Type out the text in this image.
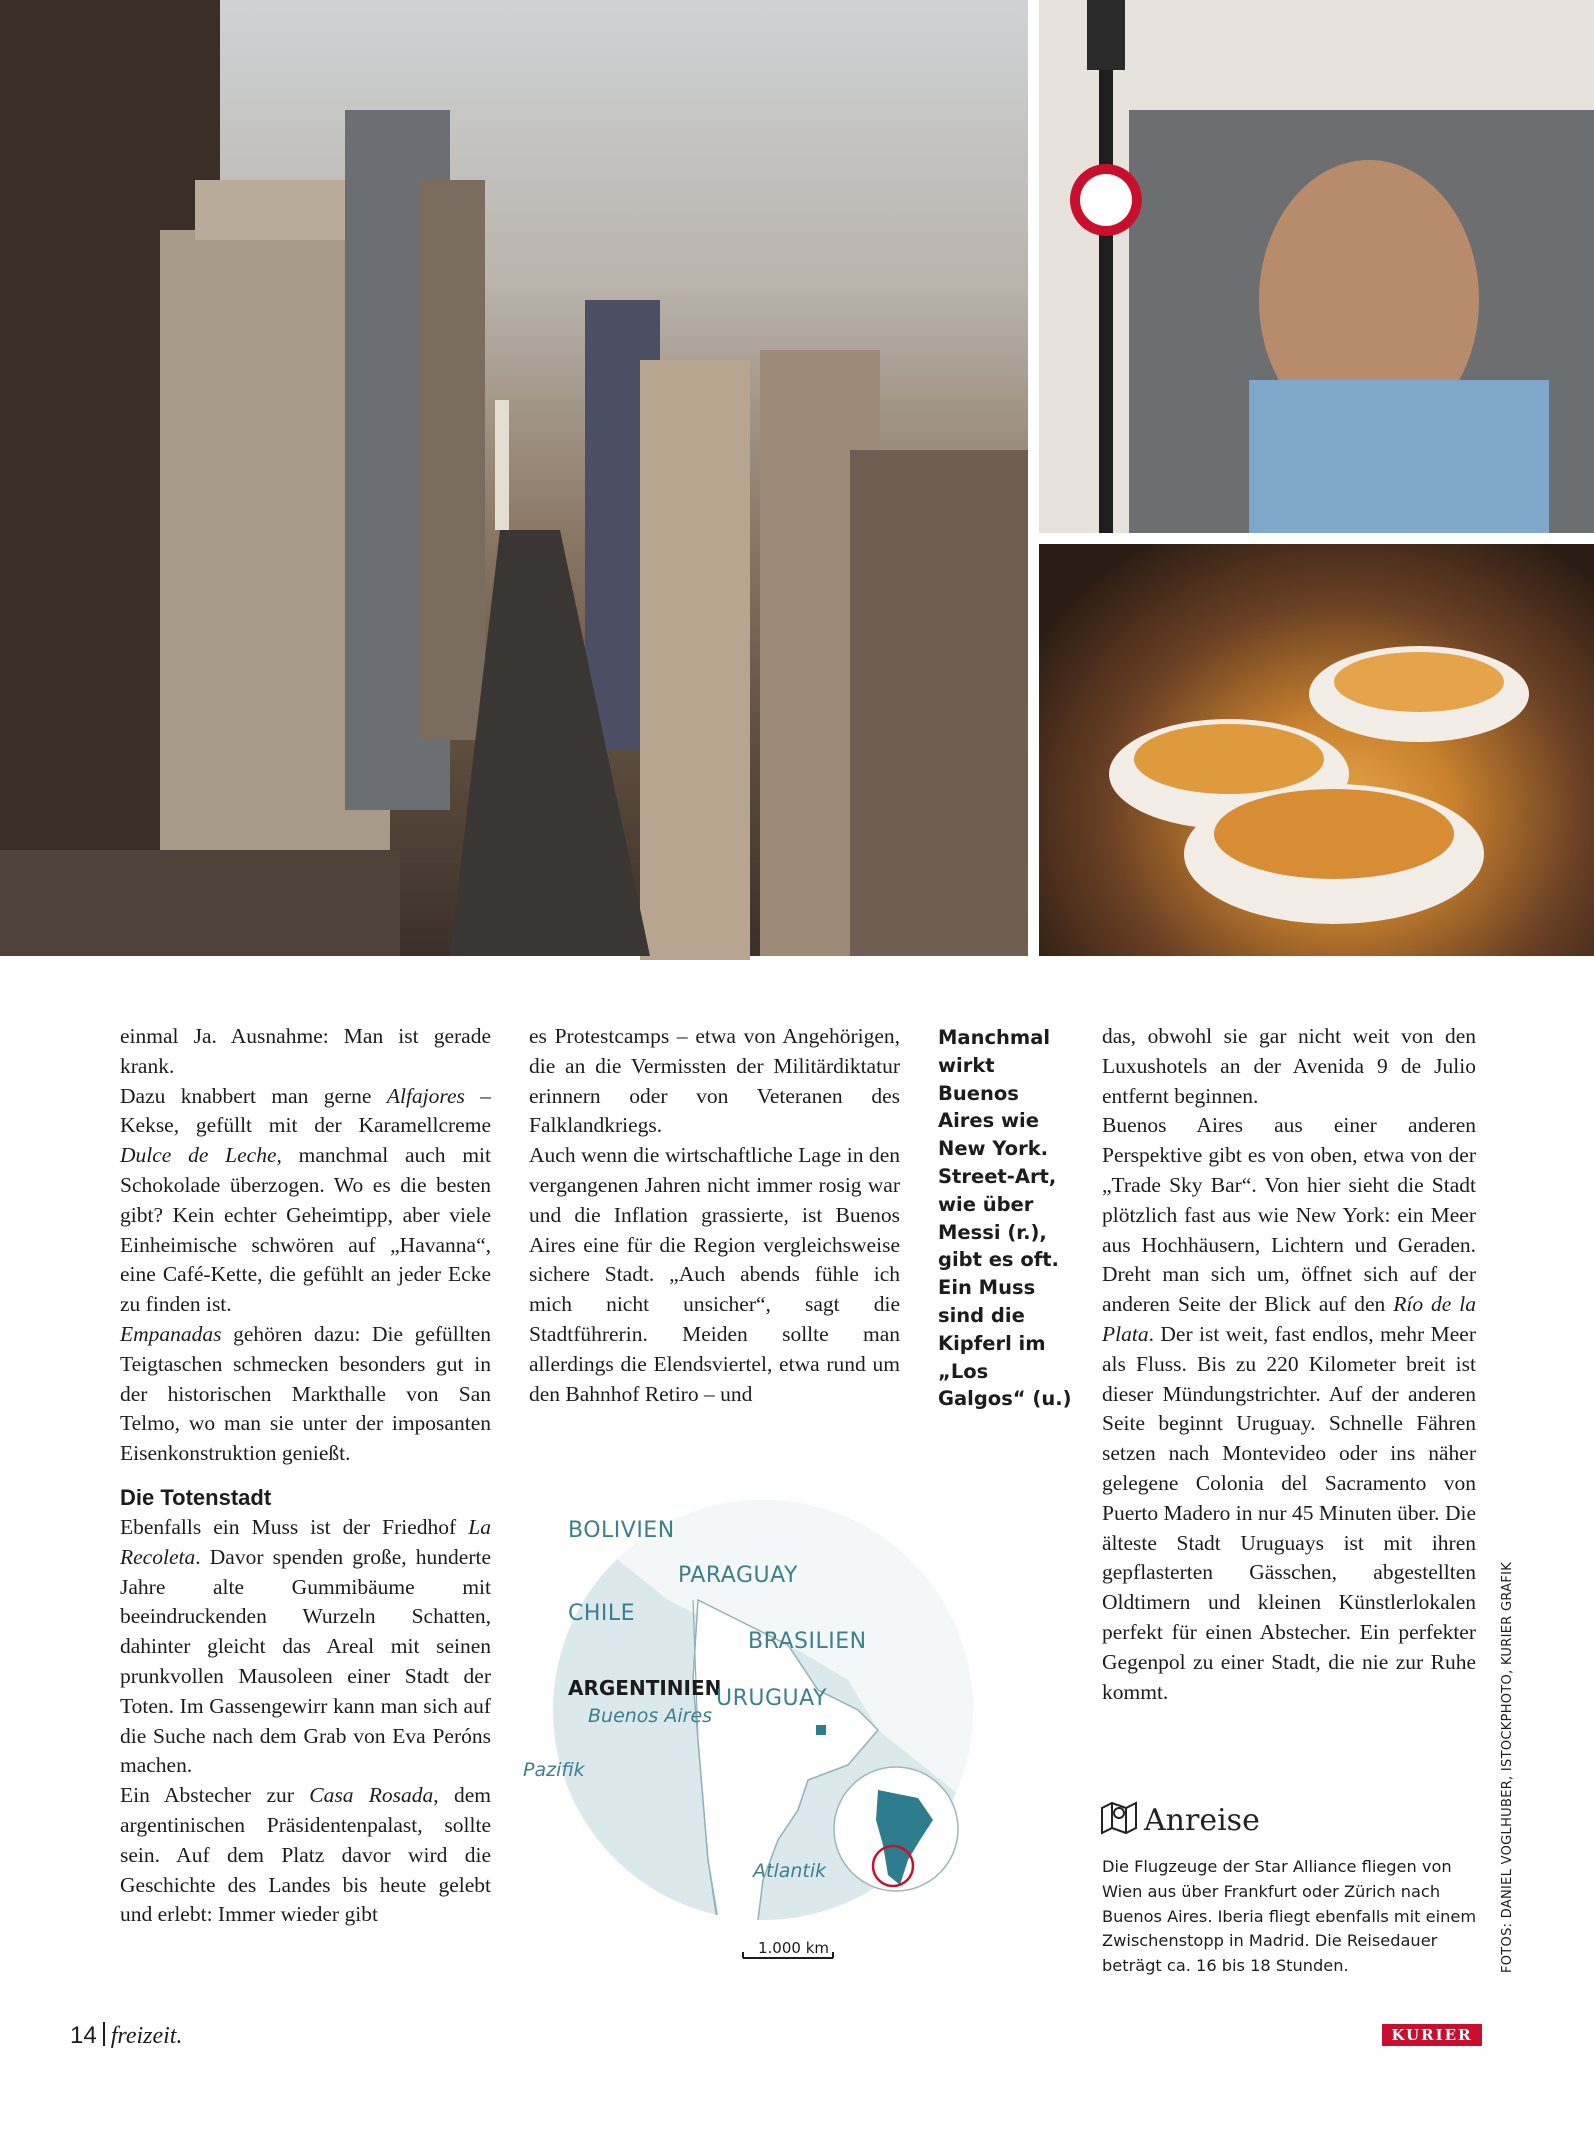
einmal Ja. Ausnahme: Man ist gerade krank.

Dazu knabbert man gerne Alfajores – Kekse, gefüllt mit der Karamellcreme Dulce de Leche, manchmal auch mit Schokolade überzogen. Wo es die besten gibt? Kein echter Geheimtipp, aber viele Einheimische schwören auf „Havanna“, eine Café-Kette, die gefühlt an jeder Ecke zu finden ist.

Empanadas gehören dazu: Die gefüllten Teigtaschen schmecken besonders gut in der historischen Markthalle von San Telmo, wo man sie unter der imposanten Eisenkonstruktion genießt.

Die Totenstadt

Ebenfalls ein Muss ist der Friedhof La Recoleta. Davor spenden große, hunderte Jahre alte Gummibäume mit beeindruckenden Wurzeln Schatten, dahinter gleicht das Areal mit seinen prunkvollen Mausoleen einer Stadt der Toten. Im Gassengewirr kann man sich auf die Suche nach dem Grab von Eva Peróns machen.

Ein Abstecher zur Casa Rosada, dem argentinischen Präsidentenpalast, sollte sein. Auf dem Platz davor wird die Geschichte des Landes bis heute gelebt und erlebt: Immer wieder gibt

es Protestcamps – etwa von Angehörigen, die an die Vermissten der Militärdiktatur erinnern oder von Veteranen des Falklandkriegs.

Auch wenn die wirtschaftliche Lage in den vergangenen Jahren nicht immer rosig war und die Inflation grassierte, ist Buenos Aires eine für die Region vergleichsweise sichere Stadt. „Auch abends fühle ich mich nicht unsicher“, sagt die Stadtführerin. Meiden sollte man allerdings die Elendsviertel, etwa rund um den Bahnhof Retiro – und

Manchmal wirkt Buenos Aires wie New York. Street-Art, wie über Messi (r.), gibt es oft. Ein Muss sind die Kipferl im „Los Galgos“ (u.)
BOLIVIEN
PARAGUAY
CHILE
BRASILIEN
ARGENTINIEN
URUGUAY
Buenos Aires
Pazifik
Atlantik
1.000 km

das, obwohl sie gar nicht weit von den Luxushotels an der Avenida 9 de Julio entfernt beginnen.

Buenos Aires aus einer anderen Perspektive gibt es von oben, etwa von der „Trade Sky Bar“. Von hier sieht die Stadt plötzlich fast aus wie New York: ein Meer aus Hochhäusern, Lichtern und Geraden. Dreht man sich um, öffnet sich auf der anderen Seite der Blick auf den Río de la Plata. Der ist weit, fast endlos, mehr Meer als Fluss. Bis zu 220 Kilometer breit ist dieser Mündungstrichter. Auf der anderen Seite beginnt Uruguay. Schnelle Fähren setzen nach Montevideo oder ins näher gelegene Colonia del Sacramento von Puerto Madero in nur 45 Minuten über. Die älteste Stadt Uruguays ist mit ihren gepflasterten Gässchen, abgestellten Oldtimern und kleinen Künstlerlokalen perfekt für einen Abstecher. Ein perfekter Gegenpol zu einer Stadt, die nie zur Ruhe kommt.

Anreise
Die Flugzeuge der Star Alliance fliegen von Wien aus über Frankfurt oder Zürich nach Buenos Aires. Iberia fliegt ebenfalls mit einem Zwischenstopp in Madrid. Die Reisedauer beträgt ca. 16 bis 18 Stunden.	FOTOS: DANIEL VOGLHUBER, ISTOCKPHOTO, KURIER GRAFIK
14 freizeit.	KURIER
